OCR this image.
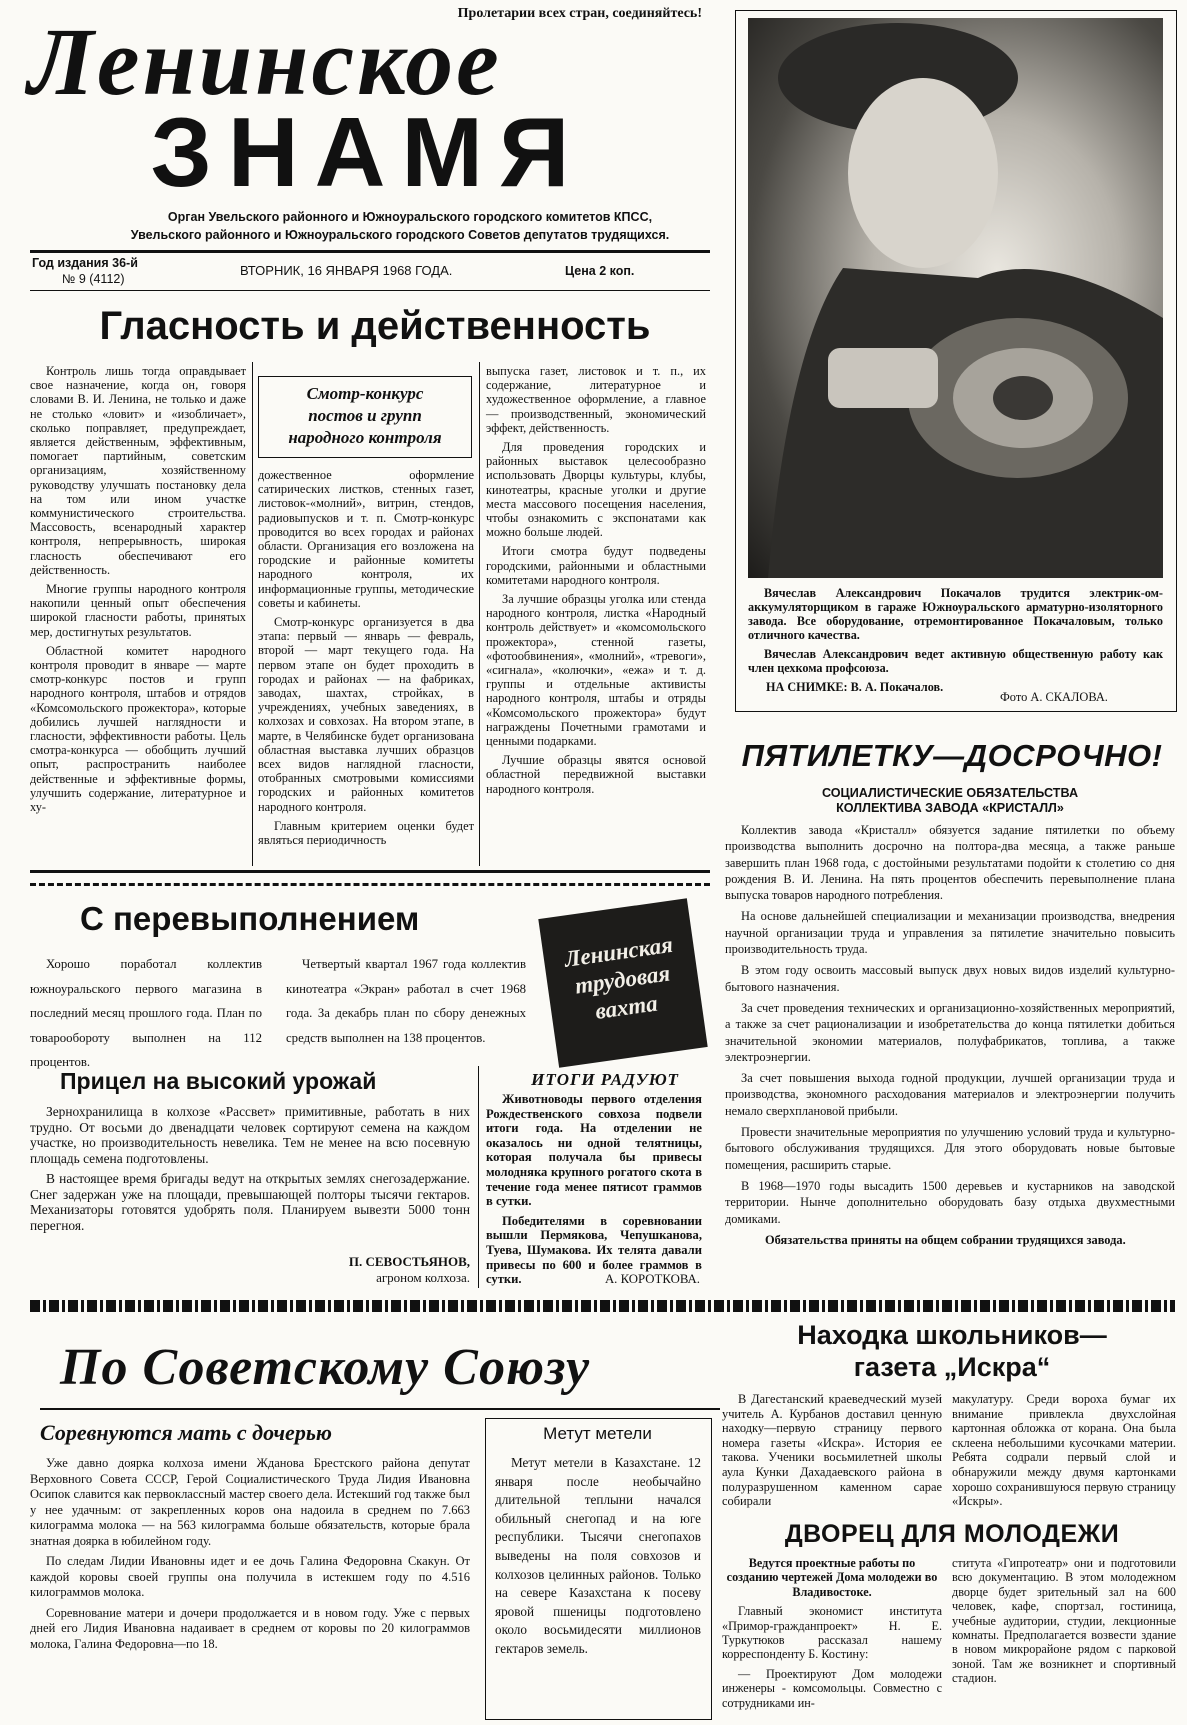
Пролетарии всех стран, соединяйтесь!
Ленинское
ЗНАМЯ
Орган Увельского районного и Южноуральского городского комитетов КПСС,
Увельского районного и Южноуральского городского Советов депутатов трудящихся.
Год издания 36-й
№ 9 (4112)
ВТОРНИК, 16 ЯНВАРЯ 1968 ГОДА.	Цена 2 коп.

Вячеслав Александрович Покачалов трудится электрик-ом-аккумуляторщиком в гараже Южноуральского арматурно-изоляторного завода. Все оборудование, отремонтированное Покачаловым, только отличного качества.

Вячеслав Александрович ведет активную общественную работу как член цехкома профсоюза.

НА СНИМКЕ: В. А. Покачалов.

Фото А. СКАЛОВА.
Гласность и действенность

Контроль лишь тогда оправдывает свое назначение, когда он, говоря словами В. И. Ленина, не только и даже не столько «ловит» и «изобличает», сколько поправляет, предупреждает, является действенным, эффективным, помогает партийным, советским организациям, хозяйственному руководству улучшать постановку дела на том или ином участке коммунистического строительства. Массовость, всенародный характер контроля, непрерывность, широкая гласность обеспечивают его действенность.

Многие группы народного контроля накопили ценный опыт обеспечения широкой гласности работы, принятых мер, достигнутых результатов.

Областной комитет народного контроля проводит в январе — марте смотр-конкурс постов и групп народного контроля, штабов и отрядов «Комсомольского прожектора», которые добились лучшей наглядности и гласности, эффективности работы. Цель смотра-конкурса — обобщить лучший опыт, распространить наиболее действенные и эффективные формы, улучшить содержание, литературное и ху-

Смотр-конкурс
постов и групп
народного контроля

дожественное оформление сатирических листков, стенных газет, листовок-«молний», витрин, стендов, радиовыпусков и т. п. Смотр-конкурс проводится во всех городах и районах области. Организация его возложена на городские и районные комитеты народного контроля, их информационные группы, методические советы и кабинеты.

Смотр-конкурс организуется в два этапа: первый — январь — февраль, второй — март текущего года. На первом этапе он будет проходить в городах и районах — на фабриках, заводах, шахтах, стройках, в учреждениях, учебных заведениях, в колхозах и совхозах. На втором этапе, в марте, в Челябинске будет организована областная выставка лучших образцов всех видов наглядной гласности, отобранных смотровыми комиссиями городских и районных комитетов народного контроля.

Главным критерием оценки будет являться периодичность

выпуска газет, листовок и т. п., их содержание, литературное и художественное оформление, а главное — производственный, экономический эффект, действенность.

Для проведения городских и районных выставок целесообразно использовать Дворцы культуры, клубы, кинотеатры, красные уголки и другие места массового посещения населения, чтобы ознакомить с экспонатами как можно больше людей.

Итоги смотра будут подведены городскими, районными и областными комитетами народного контроля.

За лучшие образцы уголка или стенда народного контроля, листка «Народный контроль действует» и «комсомольского прожектора», стенной газеты, «фотообвинения», «молний», «тревоги», «сигнала», «колючки», «ежа» и т. д. группы и отдельные активисты народного контроля, штабы и отряды «Комсомольского прожектора» будут награждены Почетными грамотами и ценными подарками.

Лучшие образцы явятся основой областной передвижной выставки народного контроля.

ПЯТИЛЕТКУ—ДОСРОЧНО!
СОЦИАЛИСТИЧЕСКИЕ ОБЯЗАТЕЛЬСТВА
КОЛЛЕКТИВА ЗАВОДА «КРИСТАЛЛ»

Коллектив завода «Кристалл» обязуется задание пятилетки по объему производства выполнить досрочно на полтора-два месяца, а также раньше завершить план 1968 года, с достойными результатами подойти к столетию со дня рождения В. И. Ленина. На пять процентов обеспечить перевыполнение плана выпуска товаров народного потребления.

На основе дальнейшей специализации и механизации производства, внедрения научной организации труда и управления за пятилетие значительно повысить производительность труда.

В этом году освоить массовый выпуск двух новых видов изделий культурно-бытового назначения.

За счет проведения технических и организационно-хозяйственных мероприятий, а также за счет рационализации и изобретательства до конца пятилетки добиться значительной экономии материалов, полуфабрикатов, топлива, а также электроэнергии.

За счет повышения выхода годной продукции, лучшей организации труда и производства, экономного расходования материалов и электроэнергии получить немало сверхплановой прибыли.

Провести значительные мероприятия по улучшению условий труда и культурно-бытового обслуживания трудящихся. Для этого оборудовать новые бытовые помещения, расширить старые.

В 1968—1970 годы высадить 1500 деревьев и кустарников на заводской территории. Нынче дополнительно оборудовать базу отдыха двухместными домиками.

Обязательства приняты на общем собрании трудящихся завода.

С перевыполнением

Хорошо поработал коллектив южноуральского первого магазина в последний месяц прошлого года. План по товарообороту выполнен на 112 процентов.

Четвертый квартал 1967 года коллектив кинотеатра «Экран» работал в счет 1968 года. За декабрь план по сбору денежных средств выполнен на 138 процентов.

Ленинская
трудовая
вахта
Прицел на высокий урожай

Зернохранилища в колхозе «Рассвет» примитивные, работать в них трудно. От восьми до двенадцати человек сортируют семена на каждом участке, но производительность невелика. Тем не менее на всю посевную площадь семена подготовлены.

В настоящее время бригады ведут на открытых землях снегозадержание. Снег задержан уже на площади, превышающей полторы тысячи гектаров. Механизаторы готовятся удобрять поля. Планируем вывезти 5000 тонн перегноя.

П. СЕВОСТЬЯНОВ,
агроном колхоза.
ИТОГИ РАДУЮТ

Животноводы первого отделения Рождественского совхоза подвели итоги года. На отделении не оказалось ни одной телятницы, которая получала бы привесы молодняка крупного рогатого скота в течение года менее пятисот граммов в сутки.

Победителями в соревновании вышли Пермякова, Чепушканова, Туева, Шумакова. Их телята давали привесы по 600 и более граммов в сутки.	А. КОРОТКОВА.
По Советскому Союзу
Соревнуются мать с дочерью

Уже давно доярка колхоза имени Жданова Брестского района депутат Верховного Совета СССР, Герой Социалистического Труда Лидия Ивановна Осипок славится как первоклассный мастер своего дела. Истекший год также был у нее удачным: от закрепленных коров она надоила в среднем по 7.663 килограмма молока — на 563 килограмма больше обязательств, которые брала знатная доярка в юбилейном году.

По следам Лидии Ивановны идет и ее дочь Галина Федоровна Скакун. От каждой коровы своей группы она получила в истекшем году по 4.516 килограммов молока.

Соревнование матери и дочери продолжается и в новом году. Уже с первых дней его Лидия Ивановна надаивает в среднем от коровы по 20 килограммов молока, Галина Федоровна—по 18.

Метут метели

Метут метели в Казахстане. 12 января после необычайно длительной теплыни начался обильный снегопад и на юге республики. Тысячи снегопахов выведены на поля совхозов и колхозов целинных районов. Только на севере Казахстана к посеву яровой пшеницы подготовлено около восьмидесяти миллионов гектаров земель.

Находка школьников—
газета „Искра“

В Дагестанский краеведческий музей учитель А. Курбанов доставил ценную находку—первую страницу первого номера газеты «Искра». История ее такова. Ученики восьмилетней школы аула Кунки Дахадаевского района в полуразрушенном каменном сарае собирали

макулатуру. Среди вороха бумаг их внимание привлекла двухслойная картонная обложка от корана. Она была склеена небольшими кусочками материи. Ребята содрали первый слой и обнаружили между двумя картонками хорошо сохранившуюся первую страницу «Искры».

ДВОРЕЦ ДЛЯ МОЛОДЕЖИ

Ведутся проектные работы по созданию чертежей Дома молодежи во Владивостоке.

Главный экономист института «Примор-гражданпроект» Н. Е. Туркутюков рассказал нашему корреспонденту Б. Костину:

— Проектируют Дом молодежи инженеры - комсомольцы. Совместно с сотрудниками ин-

ститута «Гипротеатр» они и подготовили всю документацию. В этом молодежном дворце будет зрительный зал на 600 человек, кафе, спортзал, гостиница, учебные аудитории, студии, лекционные комнаты. Предполагается возвести здание в новом микрорайоне рядом с парковой зоной. Там же возникнет и спортивный стадион.
